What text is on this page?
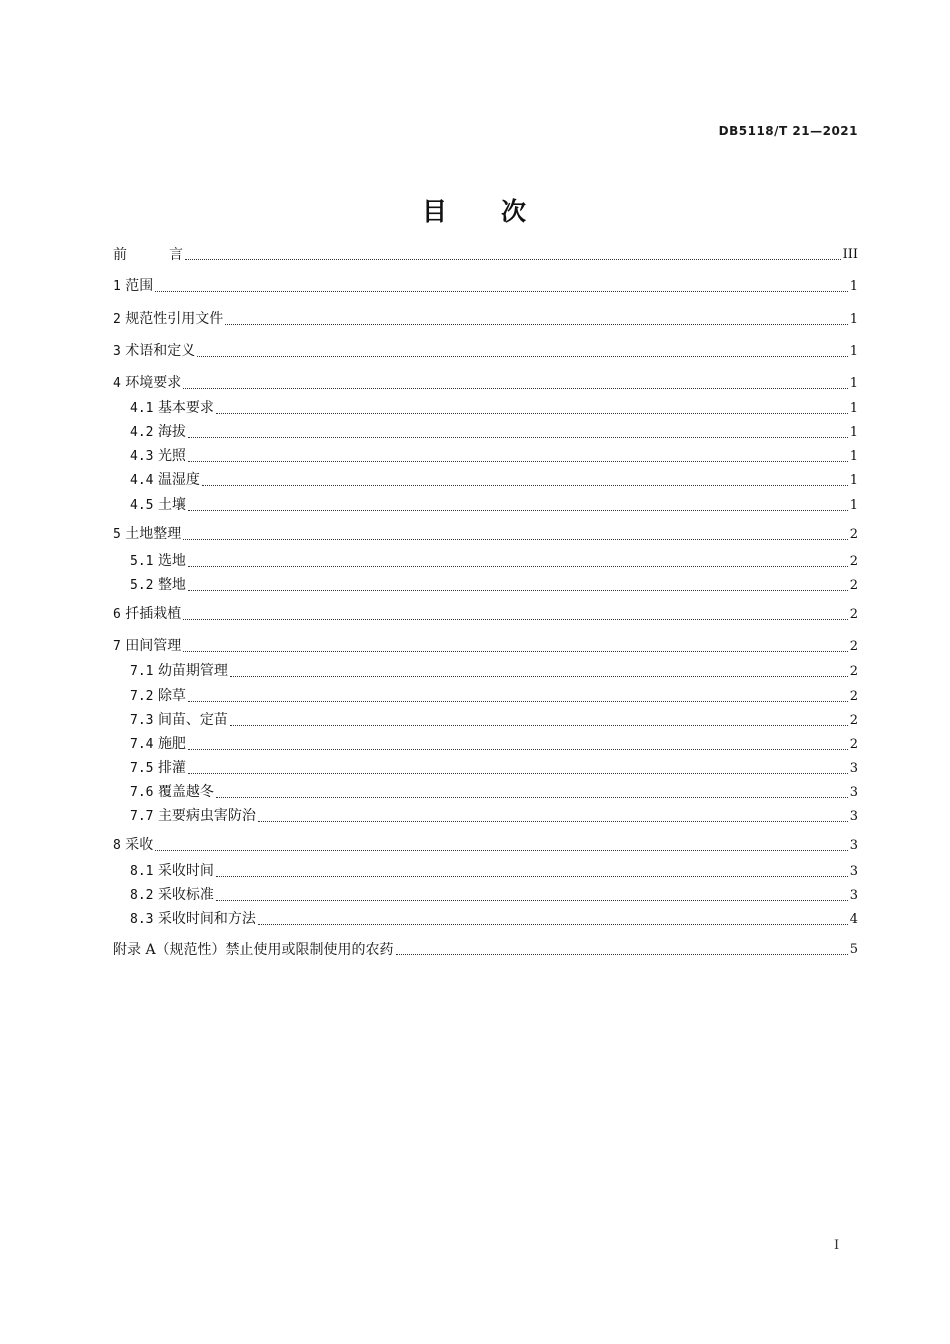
DB5118/T 21—2021
目 次
前　　　言	III
1 范围	1
2 规范性引用文件	1
3 术语和定义	1
4 环境要求	1
4.1 基本要求	1
4.2 海拔	1
4.3 光照	1
4.4 温湿度	1
4.5 土壤	1
5 土地整理	2
5.1 选地	2
5.2 整地	2
6 扦插栽植	2
7 田间管理	2
7.1 幼苗期管理	2
7.2 除草	2
7.3 间苗、定苗	2
7.4 施肥	2
7.5 排灌	3
7.6 覆盖越冬	3
7.7 主要病虫害防治	3
8 采收	3
8.1 采收时间	3
8.2 采收标准	3
8.3 采收时间和方法	4
附录 A（规范性）禁止使用或限制使用的农药	5
I
